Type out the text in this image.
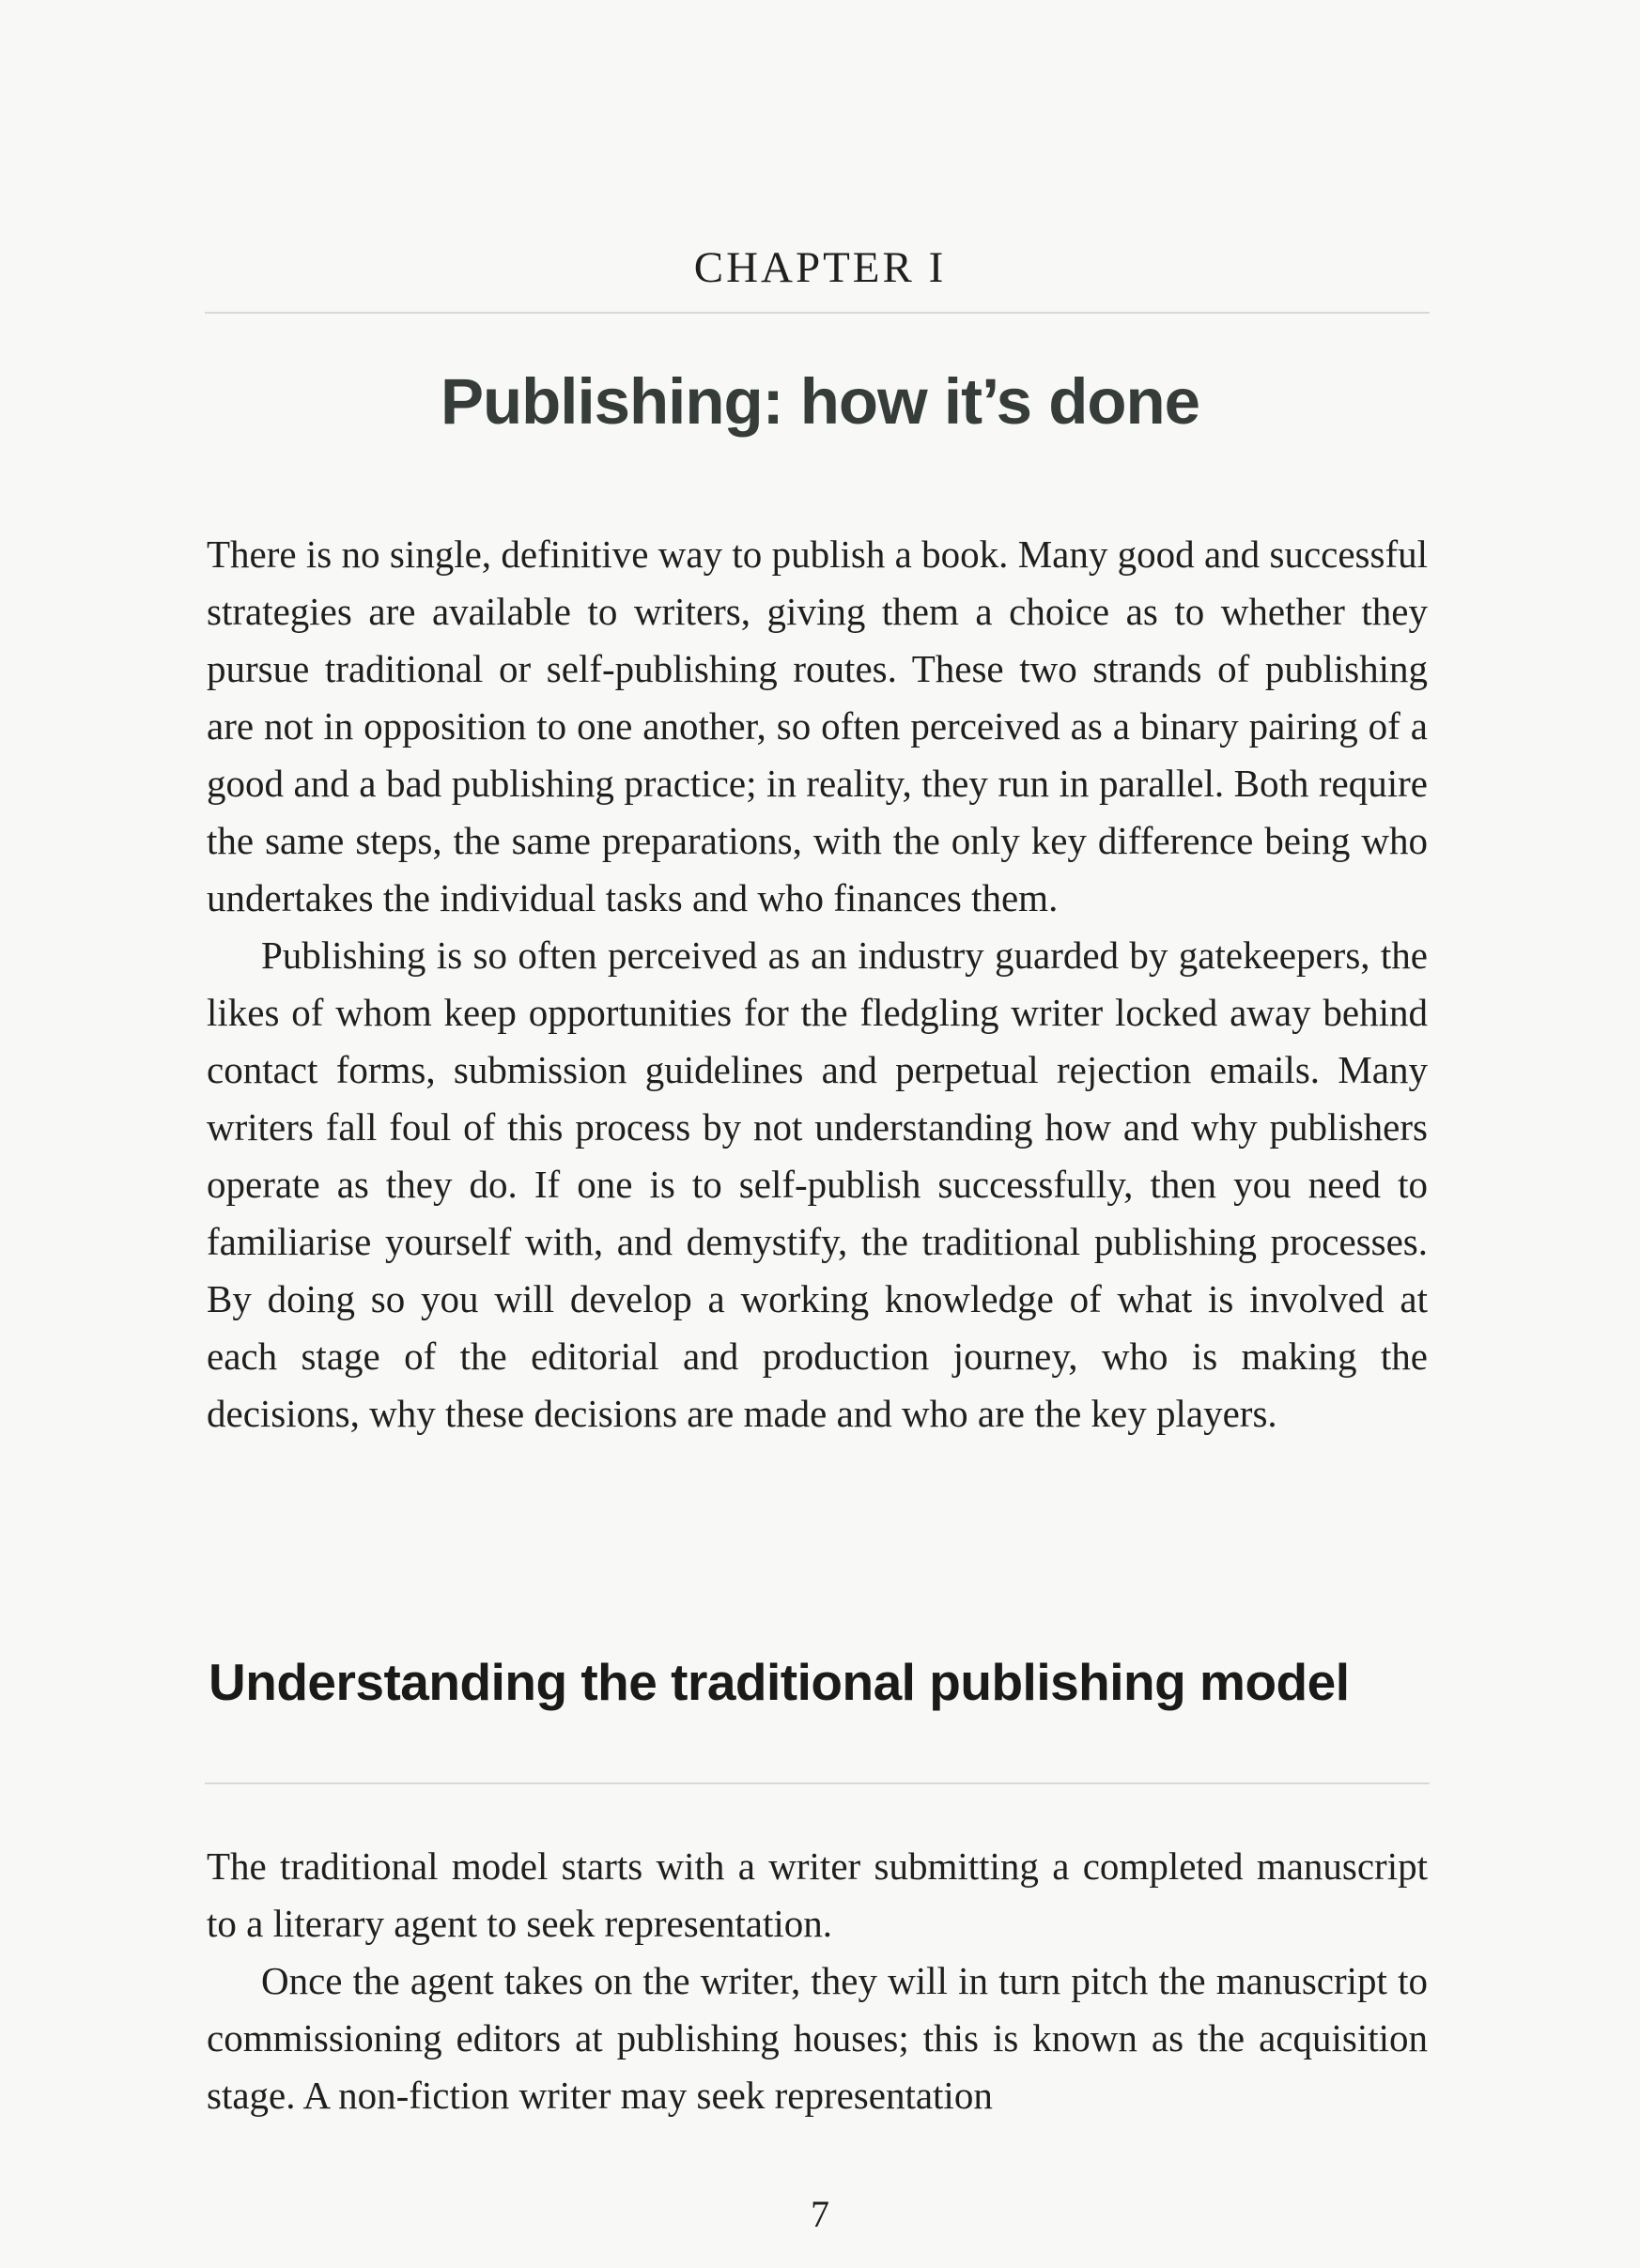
CHAPTER I
Publishing: how it’s done

There is no single, definitive way to publish a book. Many good and successful strategies are available to writers, giving them a choice as to whether they pursue traditional or self-publishing routes. These two strands of publishing are not in opposition to one another, so often perceived as a binary pairing of a good and a bad publishing practice; in reality, they run in parallel. Both require the same steps, the same preparations, with the only key difference being who undertakes the individual tasks and who finances them.

Publishing is so often perceived as an industry guarded by gatekeepers, the likes of whom keep opportunities for the fledgling writer locked away behind contact forms, submission guidelines and perpetual rejection emails. Many writers fall foul of this process by not understanding how and why publishers operate as they do. If one is to self-publish successfully, then you need to familiarise yourself with, and demystify, the traditional publishing processes. By doing so you will develop a working knowledge of what is involved at each stage of the editorial and production journey, who is making the decisions, why these decisions are made and who are the key players.

Understanding the traditional publishing model

The traditional model starts with a writer submitting a completed manuscript to a literary agent to seek representation.

Once the agent takes on the writer, they will in turn pitch the manuscript to commissioning editors at publishing houses; this is known as the acquisition stage. A non-fiction writer may seek representation

7
